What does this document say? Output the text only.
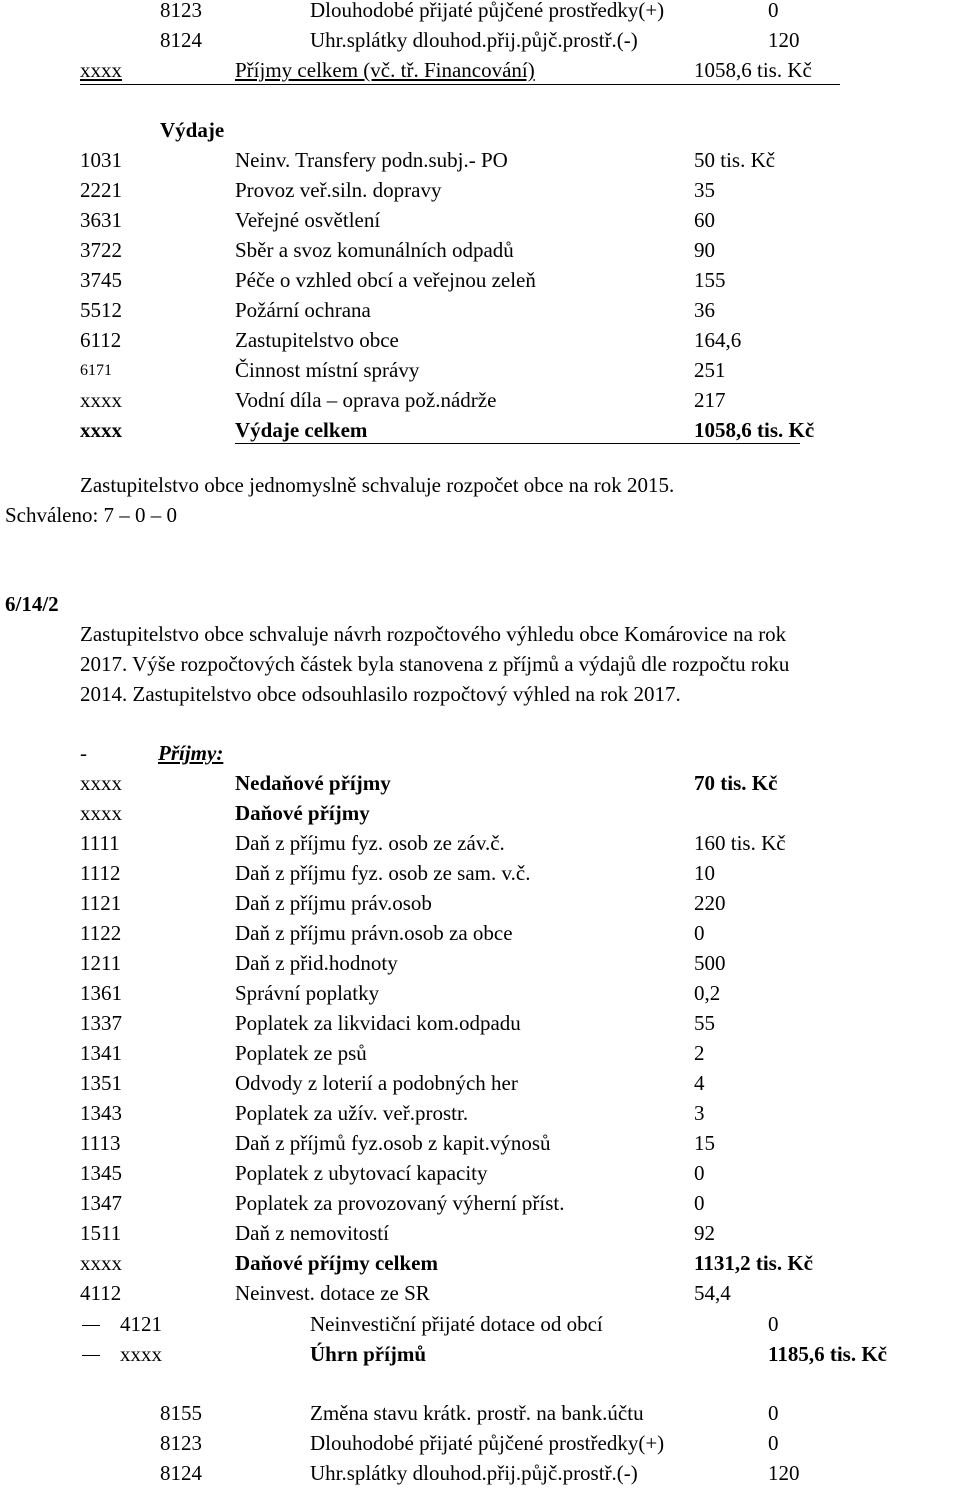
8123	Dlouhodobé přijaté půjčené prostředky(+)	0
8124	Uhr.splátky dlouhod.přij.půjč.prostř.(-)	120
xxxx	Příjmy celkem (vč. tř. Financování)	1058,6 tis. Kč
Výdaje
1031	Neinv. Transfery podn.subj.- PO	50 tis. Kč
2221	Provoz veř.siln. dopravy	35
3631	Veřejné osvětlení	60
3722	Sběr a svoz komunálních odpadů	90
3745	Péče o vzhled obcí a veřejnou zeleň	155
5512	Požární ochrana	36
6112	Zastupitelstvo obce	164,6
6171	Činnost místní správy	251
xxxx	Vodní díla – oprava pož.nádrže	217
xxxx	Výdaje celkem	1058,6 tis. Kč
Zastupitelstvo obce jednomyslně schvaluje rozpočet obce na rok 2015.
Schváleno: 7 – 0 – 0
6/14/2
Zastupitelstvo obce schvaluje návrh rozpočtového výhledu obce Komárovice na rok
2017. Výše rozpočtových částek byla stanovena z příjmů a výdajů dle rozpočtu roku
2014. Zastupitelstvo obce odsouhlasilo rozpočtový výhled na rok 2017.
-	Příjmy:
xxxx	Nedaňové příjmy	70 tis. Kč
xxxx	Daňové příjmy
1111	Daň z příjmu fyz. osob ze záv.č.	160 tis. Kč
1112	Daň z příjmu fyz. osob ze sam. v.č.	10
1121	Daň z příjmu práv.osob	220
1122	Daň z příjmu právn.osob za obce	0
1211	Daň z přid.hodnoty	500
1361	Správní poplatky	0,2
1337	Poplatek za likvidaci kom.odpadu	55
1341	Poplatek ze psů	2
1351	Odvody z loterií a podobných her	4
1343	Poplatek za užív. veř.prostr.	3
1113	Daň z příjmů fyz.osob z kapit.výnosů	15
1345	Poplatek z ubytovací kapacity	0
1347	Poplatek za provozovaný výherní příst.	0
1511	Daň z nemovitostí	92
xxxx	Daňové příjmy celkem	1131,2 tis. Kč
4112	Neinvest. dotace ze SR	54,4
4121	Neinvestiční přijaté dotace od obcí	0
xxxx	Úhrn příjmů	1185,6 tis. Kč
8155	Změna stavu krátk. prostř. na bank.účtu	0
8123	Dlouhodobé přijaté půjčené prostředky(+)	0
8124	Uhr.splátky dlouhod.přij.půjč.prostř.(-)	120
